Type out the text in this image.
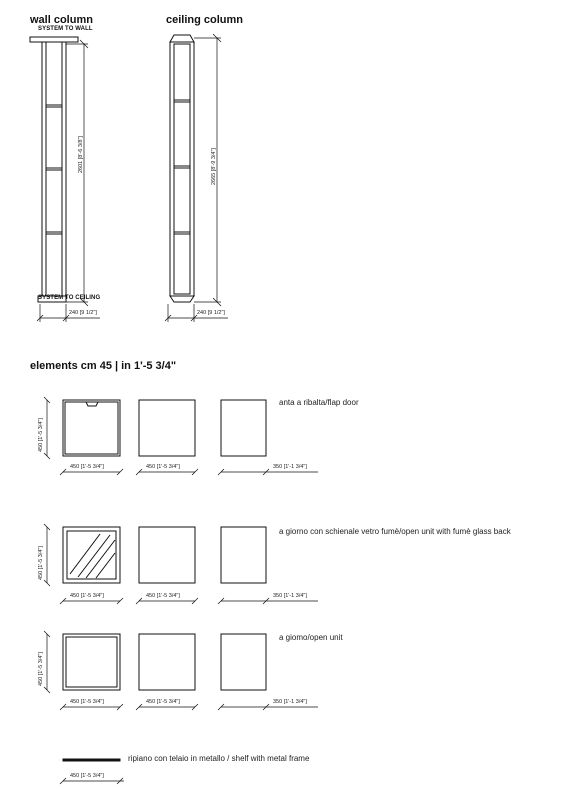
wall column	ceiling column
SYSTEM TO WALL
SYSTEM TO CEILING
2601 [8'-6 3/8"]	2665 [8'-9 3/4"]
240 [9 1/2"]	240 [9 1/2"]
elements cm 45 | in 1'-5 3/4"
anta a ribalta/flap door
450 [1'-5 3/4"]
450 [1'-5 3/4"]	450 [1'-5 3/4"]	350 [1'-1 3/4"]
a giorno con schienale vetro fumè/open unit with fumè glass back
450 [1'-5 3/4"]
450 [1'-5 3/4"]	450 [1'-5 3/4"]	350 [1'-1 3/4"]
a giomo/open unit
450 [1'-5 3/4"]
450 [1'-5 3/4"]	450 [1'-5 3/4"]	350 [1'-1 3/4"]
ripiano con telaio in metallo / shelf with metal frame
450 [1'-5 3/4"]
